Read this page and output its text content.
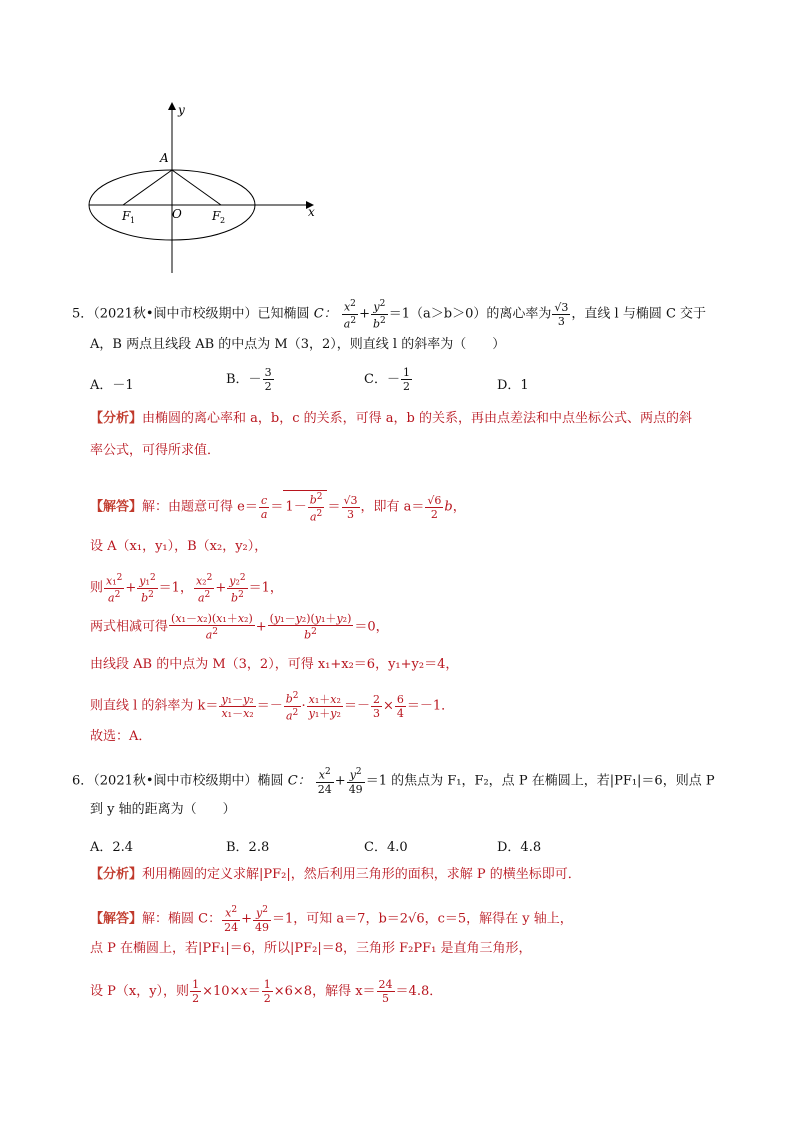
y
x
A
O
F 1	F 2
5．（2021秋•阆中市校级期中）已知椭圆 C： $\frac{x^2}{a^2} + \frac{y^2}{b^2} =1(a>b>0)$的离心率为 $\frac{√3}{3}$ ，直线 l 与椭圆 C 交于
A，B 两点且线段 AB 的中点为 M（3，2），则直线 l 的斜率为（　　）
A．－1	B．－ $\frac{3}{2}$	C．－ $\frac{1}{2}$	D．1
【分析】由椭圆的离心率和 a，b，c 的关系，可得 a，b 的关系，再由点差法和中点坐标公式、两点的斜
率公式，可得所求值．
【解答】解：由题意可得 $e= \frac{c}{a} = 1- \frac{b^2}{a^2} = \frac{√3}{3}$ ，即有 $a= \frac{√6}{2}$ b，
设 A（x₁，y₁），B（x₂，y₂），
则 $\frac{x_1^2}{a^2} + \frac{y_1^2}{b^2} =1$， $\frac{x_2^2}{a^2} + \frac{y_2^2}{b^2} =1$，
两式相减可得 $\frac{\text{(x₁－x₂)(x₁＋x₂)}}{a^2} + \frac{\text{(y₁－y₂)(y₁＋y₂)}}{b^2} =0$，
由线段 AB 的中点为 M（3，2），可得 x₁+x₂＝6，y₁+y₂＝4，
则直线 l 的斜率为 $k= \frac{\text{y₁－y₂}}{\text{x₁－x₂}} =- \frac{b^2}{a^2} \cdot \frac{\text{x₁＋x₂}}{\text{y₁＋y₂}} =- \frac{2}{3} \times \frac{6}{4} =-1$．
故选：A．
6．（2021秋•阆中市校级期中）椭圆 C： $\frac{x^2}{24} + \frac{y^2}{49} =1$ 的焦点为 F₁，F₂，点 P 在椭圆上，若|PF₁|＝6，则点 P
到 y 轴的距离为（　　）
A．2.4	B．2.8	C．4.0	D．4.8
【分析】利用椭圆的定义求解|PF₂|，然后利用三角形的面积，求解 P 的横坐标即可．
【解答】解：椭圆 C： $\frac{x^2}{24} + \frac{y^2}{49} =1$，可知 a＝7，b＝2√6，c＝5，解得在 y 轴上，
点 P 在椭圆上，若|PF₁|＝6，所以|PF₂|＝8，三角形 F₂PF₁ 是直角三角形，
设 P（x，y），则 $\frac{1}{2} \times 10\times x= \frac{1}{2} \times 6\times 8$，解得 $x= \frac{24}{5} =4.8$．
